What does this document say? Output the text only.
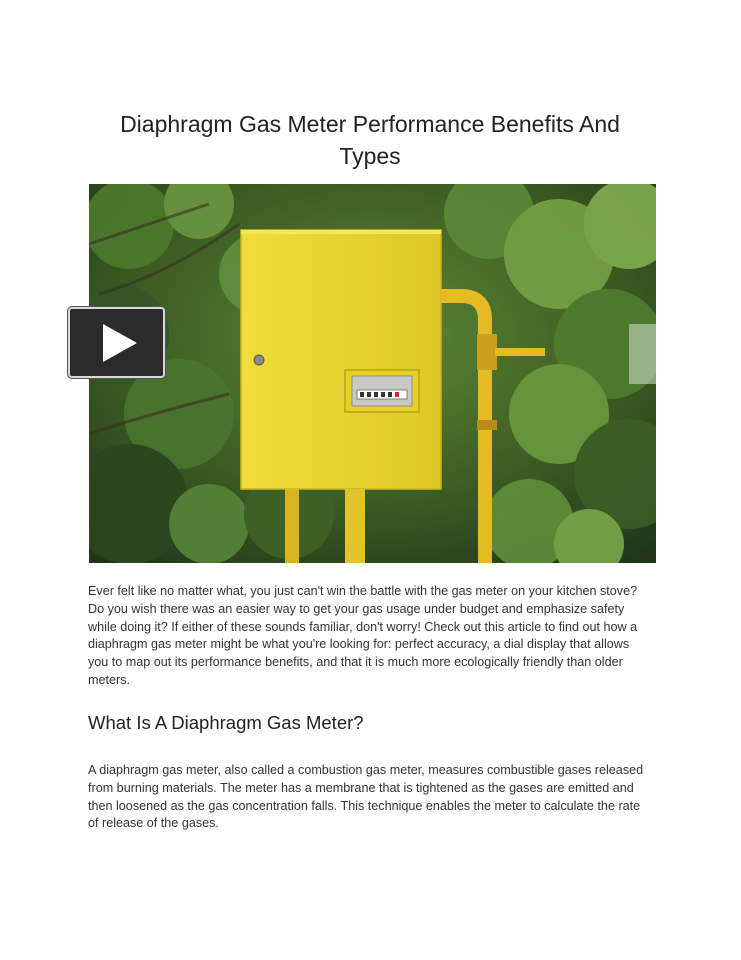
Diaphragm Gas Meter Performance Benefits And Types

Ever felt like no matter what, you just can't win the battle with the gas meter on your kitchen stove? Do you wish there was an easier way to get your gas usage under budget and emphasize safety while doing it? If either of these sounds familiar, don't worry! Check out this article to find out how a diaphragm gas meter might be what you're looking for: perfect accuracy, a dial display that allows you to map out its performance benefits, and that it is much more ecologically friendly than older meters.

What Is A Diaphragm Gas Meter?

A diaphragm gas meter, also called a combustion gas meter, measures combustible gases released from burning materials. The meter has a membrane that is tightened as the gases are emitted and then loosened as the gas concentration falls. This technique enables the meter to calculate the rate of release of the gases.
